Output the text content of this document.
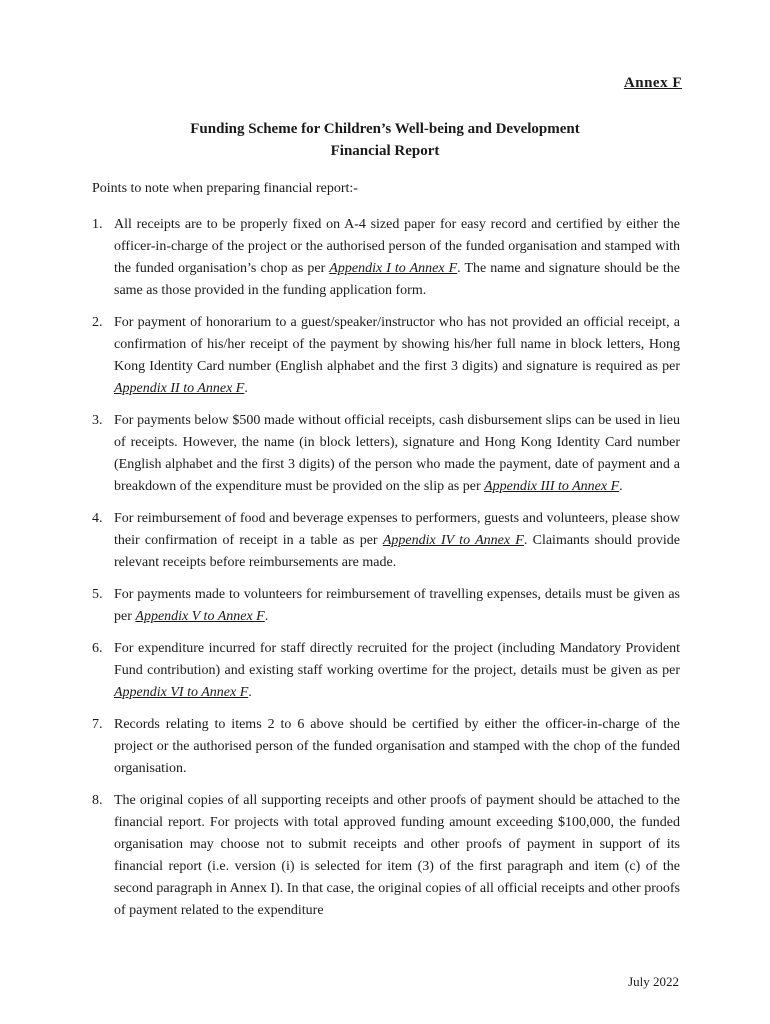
Annex F
Funding Scheme for Children’s Well-being and Development
Financial Report
Points to note when preparing financial report:-
1. All receipts are to be properly fixed on A-4 sized paper for easy record and certified by either the officer-in-charge of the project or the authorised person of the funded organisation and stamped with the funded organisation’s chop as per Appendix I to Annex F. The name and signature should be the same as those provided in the funding application form.
2. For payment of honorarium to a guest/speaker/instructor who has not provided an official receipt, a confirmation of his/her receipt of the payment by showing his/her full name in block letters, Hong Kong Identity Card number (English alphabet and the first 3 digits) and signature is required as per Appendix II to Annex F.
3. For payments below $500 made without official receipts, cash disbursement slips can be used in lieu of receipts. However, the name (in block letters), signature and Hong Kong Identity Card number (English alphabet and the first 3 digits) of the person who made the payment, date of payment and a breakdown of the expenditure must be provided on the slip as per Appendix III to Annex F.
4. For reimbursement of food and beverage expenses to performers, guests and volunteers, please show their confirmation of receipt in a table as per Appendix IV to Annex F. Claimants should provide relevant receipts before reimbursements are made.
5. For payments made to volunteers for reimbursement of travelling expenses, details must be given as per Appendix V to Annex F.
6. For expenditure incurred for staff directly recruited for the project (including Mandatory Provident Fund contribution) and existing staff working overtime for the project, details must be given as per Appendix VI to Annex F.
7. Records relating to items 2 to 6 above should be certified by either the officer-in-charge of the project or the authorised person of the funded organisation and stamped with the chop of the funded organisation.
8. The original copies of all supporting receipts and other proofs of payment should be attached to the financial report. For projects with total approved funding amount exceeding $100,000, the funded organisation may choose not to submit receipts and other proofs of payment in support of its financial report (i.e. version (i) is selected for item (3) of the first paragraph and item (c) of the second paragraph in Annex I). In that case, the original copies of all official receipts and other proofs of payment related to the expenditure
July 2022
